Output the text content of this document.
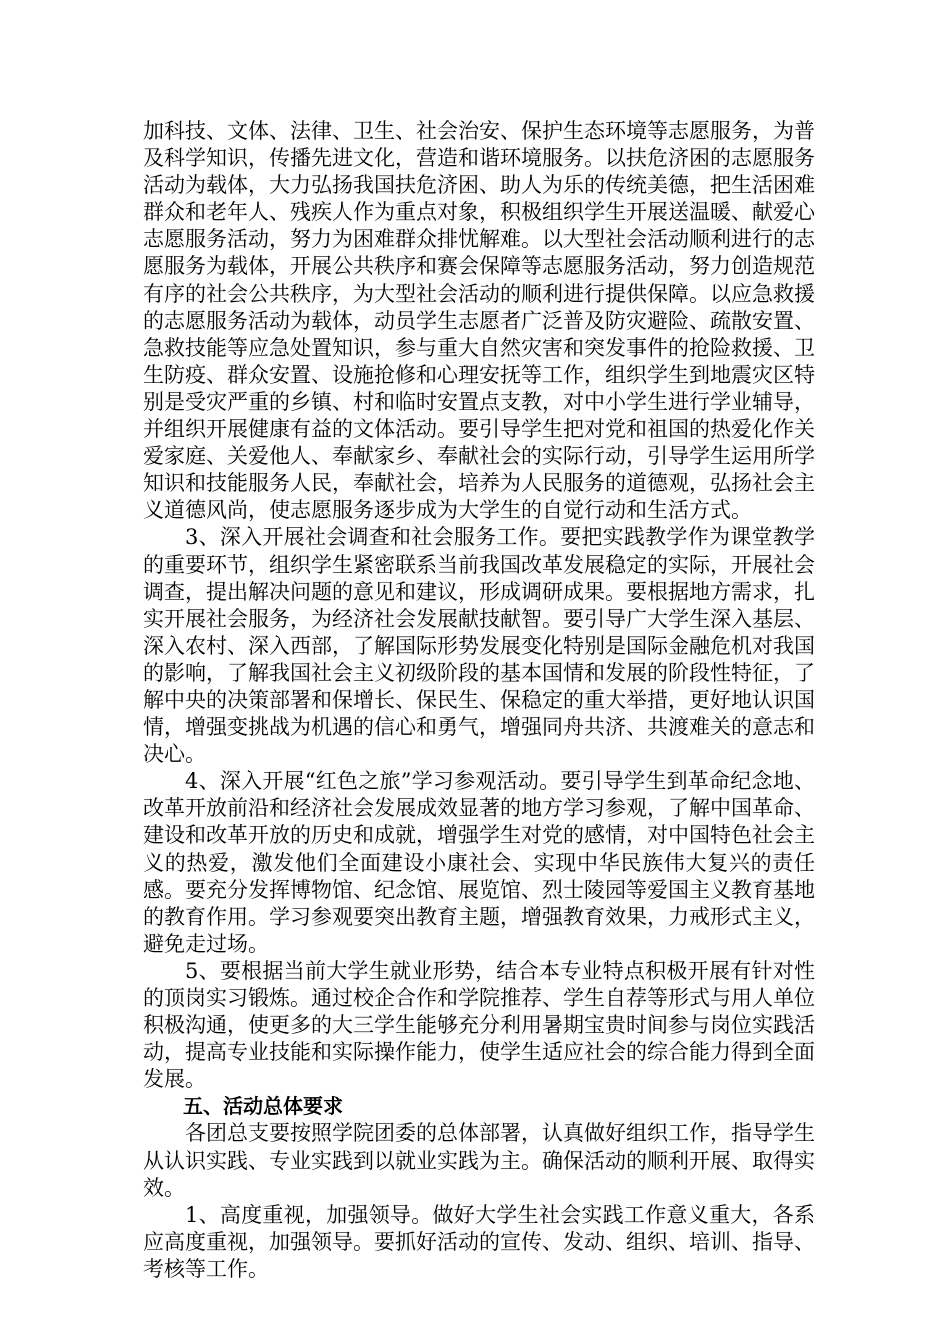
加科技、文体、法律、卫生、社会治安、保护生态环境等志愿服务，为普及科学知识，传播先进文化，营造和谐环境服务。以扶危济困的志愿服务活动为载体，大力弘扬我国扶危济困、助人为乐的传统美德，把生活困难群众和老年人、残疾人作为重点对象，积极组织学生开展送温暖、献爱心志愿服务活动，努力为困难群众排忧解难。以大型社会活动顺利进行的志愿服务为载体，开展公共秩序和赛会保障等志愿服务活动，努力创造规范有序的社会公共秩序，为大型社会活动的顺利进行提供保障。以应急救援的志愿服务活动为载体，动员学生志愿者广泛普及防灾避险、疏散安置、急救技能等应急处置知识，参与重大自然灾害和突发事件的抢险救援、卫生防疫、群众安置、设施抢修和心理安抚等工作，组织学生到地震灾区特别是受灾严重的乡镇、村和临时安置点支教，对中小学生进行学业辅导，并组织开展健康有益的文体活动。要引导学生把对党和祖国的热爱化作关爱家庭、关爱他人、奉献家乡、奉献社会的实际行动，引导学生运用所学知识和技能服务人民，奉献社会，培养为人民服务的道德观，弘扬社会主义道德风尚，使志愿服务逐步成为大学生的自觉行动和生活方式。

3、深入开展社会调查和社会服务工作。要把实践教学作为课堂教学的重要环节，组织学生紧密联系当前我国改革发展稳定的实际，开展社会调查，提出解决问题的意见和建议，形成调研成果。要根据地方需求，扎实开展社会服务，为经济社会发展献技献智。要引导广大学生深入基层、深入农村、深入西部，了解国际形势发展变化特别是国际金融危机对我国的影响，了解我国社会主义初级阶段的基本国情和发展的阶段性特征，了解中央的决策部署和保增长、保民生、保稳定的重大举措，更好地认识国情，增强变挑战为机遇的信心和勇气，增强同舟共济、共渡难关的意志和决心。

4、深入开展“红色之旅”学习参观活动。要引导学生到革命纪念地、改革开放前沿和经济社会发展成效显著的地方学习参观，了解中国革命、建设和改革开放的历史和成就，增强学生对党的感情，对中国特色社会主义的热爱，激发他们全面建设小康社会、实现中华民族伟大复兴的责任感。要充分发挥博物馆、纪念馆、展览馆、烈士陵园等爱国主义教育基地的教育作用。学习参观要突出教育主题，增强教育效果，力戒形式主义，避免走过场。

5、要根据当前大学生就业形势，结合本专业特点积极开展有针对性的顶岗实习锻炼。通过校企合作和学院推荐、学生自荐等形式与用人单位积极沟通，使更多的大三学生能够充分利用暑期宝贵时间参与岗位实践活动，提高专业技能和实际操作能力，使学生适应社会的综合能力得到全面发展。

五、活动总体要求

各团总支要按照学院团委的总体部署，认真做好组织工作，指导学生从认识实践、专业实践到以就业实践为主。确保活动的顺利开展、取得实效。

1、高度重视，加强领导。做好大学生社会实践工作意义重大，各系应高度重视，加强领导。要抓好活动的宣传、发动、组织、培训、指导、考核等工作。
